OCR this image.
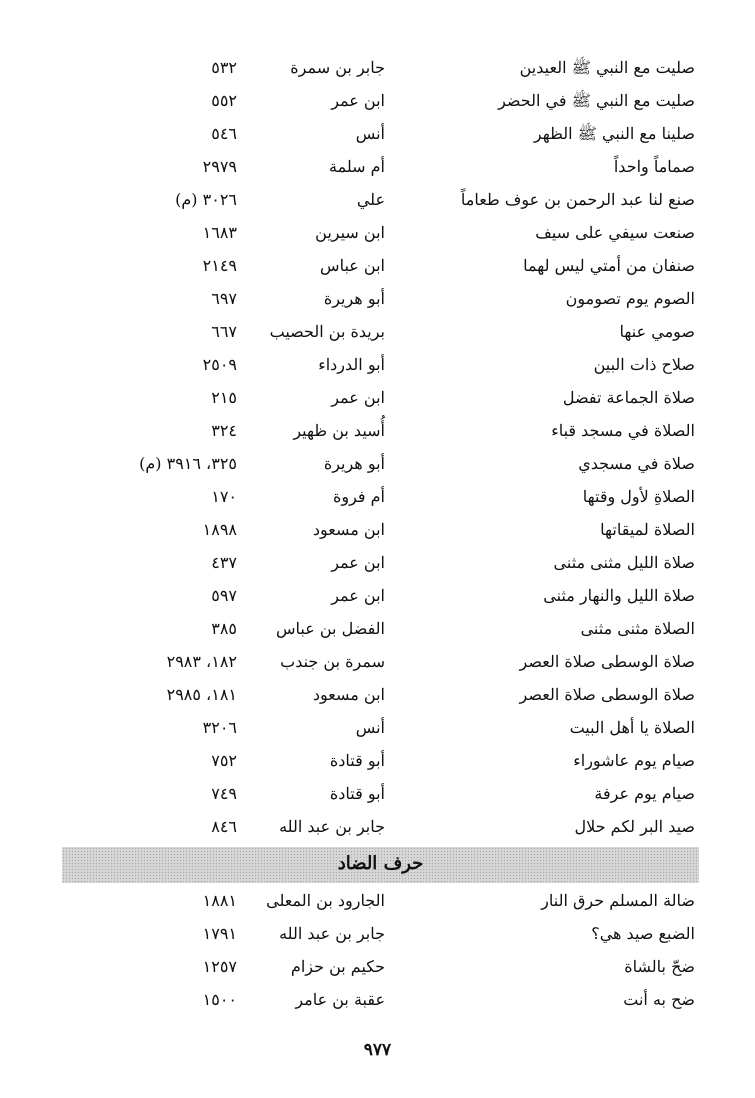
صليت مع النبي ﷺ العيدين
جابر بن سمرة
٥٣٢
صليت مع النبي ﷺ في الحضر
ابن عمر
٥٥٢
صلينا مع النبي ﷺ الظهر
أنس
٥٤٦
صماماً واحداً
أم سلمة
٢٩٧٩
صنع لنا عبد الرحمن بن عوف طعاماً
علي
٣٠٢٦ (م)
صنعت سيفي على سيف
ابن سيرين
١٦٨٣
صنفان من أمتي ليس لهما
ابن عباس
٢١٤٩
الصوم يوم تصومون
أبو هريرة
٦٩٧
صومي عنها
بريدة بن الحصيب
٦٦٧
صلاح ذات البين
أبو الدرداء
٢٥٠٩
صلاة الجماعة تفضل
ابن عمر
٢١٥
الصلاة في مسجد قباء
أُسيد بن ظهير
٣٢٤
صلاة في مسجدي
أبو هريرة
٣٢٥، ٣٩١٦ (م)
الصلاةِ لأول وقتها
أم فروة
١٧٠
الصلاة لميقاتها
ابن مسعود
١٨٩٨
صلاة الليل مثنى مثنى
ابن عمر
٤٣٧
صلاة الليل والنهار مثنى
ابن عمر
٥٩٧
الصلاة مثنى مثنى
الفضل بن عباس
٣٨٥
صلاة الوسطى صلاة العصر
سمرة بن جندب
١٨٢، ٢٩٨٣
صلاة الوسطى صلاة العصر
ابن مسعود
١٨١، ٢٩٨٥
الصلاة يا أهل البيت
أنس
٣٢٠٦
صيام يوم عاشوراء
أبو قتادة
٧٥٢
صيام يوم عرفة
أبو قتادة
٧٤٩
صيد البر لكم حلال
جابر بن عبد الله
٨٤٦
حرف الضاد
ضالة المسلم حرق النار
الجارود بن المعلى
١٨٨١
الضبع صيد هي؟
جابر بن عبد الله
١٧٩١
ضحّ بالشاة
حكيم بن حزام
١٢٥٧
ضح به أنت
عقبة بن عامر
١٥٠٠
٩٧٧
